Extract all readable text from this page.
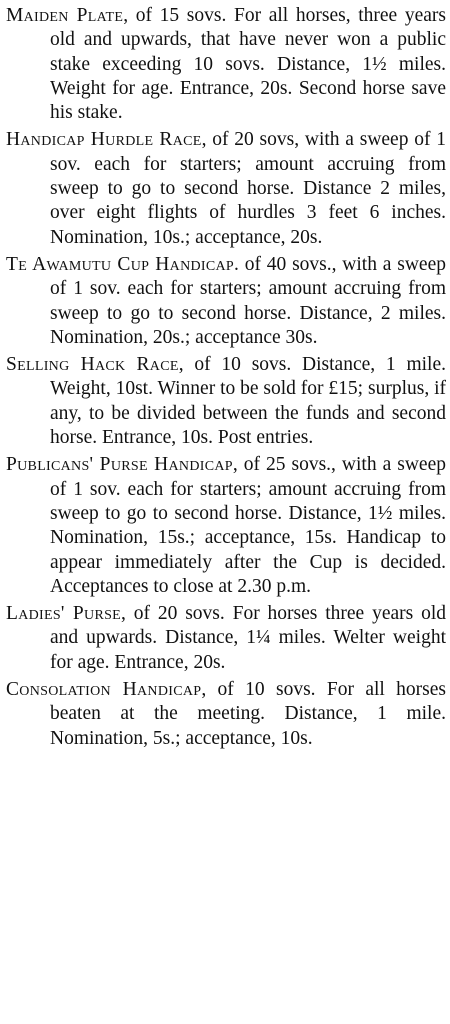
Maiden Plate, of 15 sovs. For all horses, three years old and upwards, that have never won a public stake exceeding 10 sovs. Distance, 1½ miles. Weight for age. Entrance, 20s. Second horse save his stake.

Handicap Hurdle Race, of 20 sovs, with a sweep of 1 sov. each for starters; amount accruing from sweep to go to second horse. Distance 2 miles, over eight flights of hurdles 3 feet 6 inches. Nomination, 10s.; acceptance, 20s.

Te Awamutu Cup Handicap. of 40 sovs., with a sweep of 1 sov. each for starters; amount accruing from sweep to go to second horse. Distance, 2 miles. Nomination, 20s.; acceptance 30s.

Selling Hack Race, of 10 sovs. Distance, 1 mile. Weight, 10st. Winner to be sold for £15; surplus, if any, to be divided between the funds and second horse. Entrance, 10s. Post entries.

Publicans' Purse Handicap, of 25 sovs., with a sweep of 1 sov. each for starters; amount accruing from sweep to go to second horse. Distance, 1½ miles. Nomination, 15s.; acceptance, 15s. Handicap to appear immediately after the Cup is decided. Acceptances to close at 2.30 p.m.

Ladies' Purse, of 20 sovs. For horses three years old and upwards. Distance, 1¼ miles. Welter weight for age. Entrance, 20s.

Consolation Handicap, of 10 sovs. For all horses beaten at the meeting. Distance, 1 mile. Nomination, 5s.; acceptance, 10s.
